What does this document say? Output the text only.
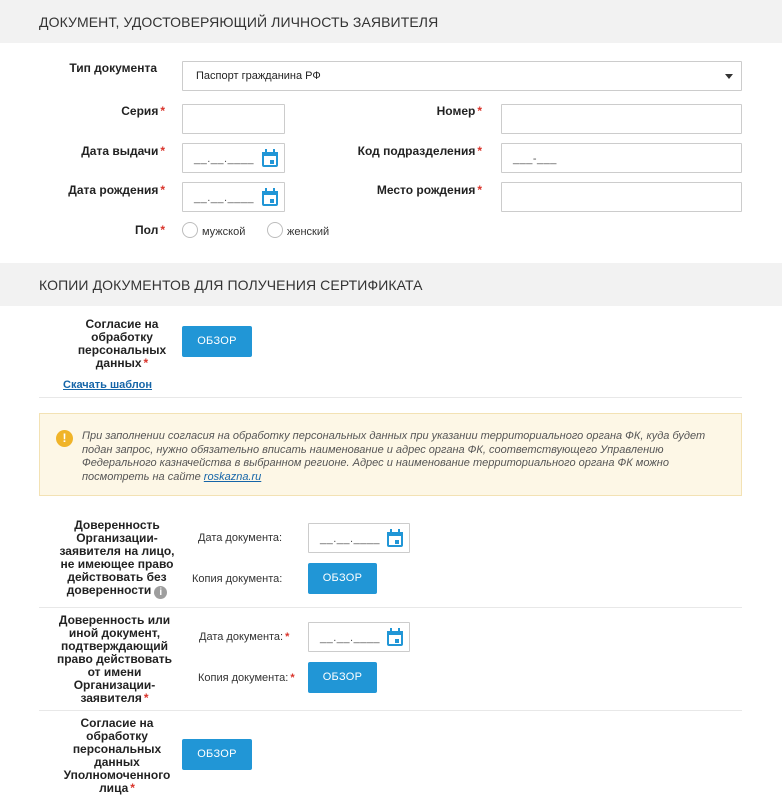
ДОКУМЕНТ, УДОСТОВЕРЯЮЩИЙ ЛИЧНОСТЬ ЗАЯВИТЕЛЯ
Тип документа
Паспорт гражданина РФ
Серия *	Номер *
Дата выдачи *
__.__.____
Код подразделения *
___-___
Дата рождения *
__.__.____
Место рождения *
Пол *	мужской	женский
КОПИИ ДОКУМЕНТОВ ДЛЯ ПОЛУЧЕНИЯ СЕРТИФИКАТА
Согласие на
обработку
персональных
данных *
ОБЗОР
Скачать шаблон
!	При заполнении согласия на обработку персональных данных при указании территориального органа ФК, куда будет подан запрос, нужно обязательно вписать наименование и адрес органа ФК, соответствующего Управлению Федерального казначейства в выбранном регионе. Адрес и наименование территориального органа ФК можно посмотреть на сайте roskazna.ru
Доверенность
Организации-
заявителя на лицо,
не имеющее право
действовать без
доверенности i
Дата документа:	__.__.____
Копия документа:	ОБЗОР
Доверенность или
иной документ,
подтверждающий
право действовать
от имени
Организации-
заявителя *
Дата документа: *	__.__.____
Копия документа: *	ОБЗОР
Согласие на
обработку
персональных
данных
Уполномоченного
лица *
ОБЗОР
